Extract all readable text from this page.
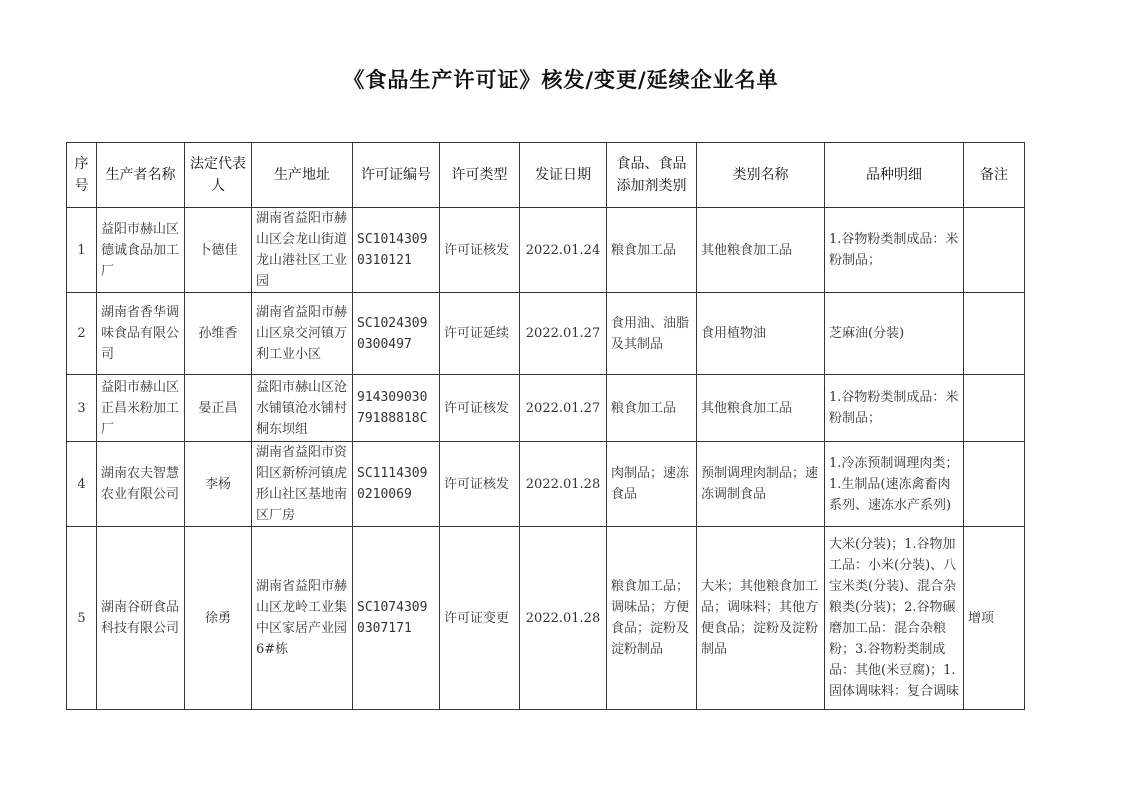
《食品生产许可证》核发/变更/延续企业名单
序号	生产者名称	法定代表人	生产地址	许可证编号	许可类型	发证日期	食品、食品添加剂类别	类别名称	品种明细	备注
1	益阳市赫山区德诚食品加工厂	卜德佳	湖南省益阳市赫山区会龙山街道龙山港社区工业园	SC10143090310121	许可证核发	2022.01.24	粮食加工品	其他粮食加工品	1.谷物粉类制成品：米粉制品；	
2	湖南省香华调味食品有限公司	孙维香	湖南省益阳市赫山区泉交河镇万利工业小区	SC10243090300497	许可证延续	2022.01.27	食用油、油脂及其制品	食用植物油	芝麻油(分装)	
3	益阳市赫山区正昌米粉加工厂	晏正昌	益阳市赫山区沧水铺镇沧水铺村桐东坝组	91430903079188818C	许可证核发	2022.01.27	粮食加工品	其他粮食加工品	1.谷物粉类制成品：米粉制品；	
4	湖南农夫智慧农业有限公司	李杨	湖南省益阳市资阳区新桥河镇虎形山社区基地南区厂房	SC11143090210069	许可证核发	2022.01.28	肉制品；速冻食品	预制调理肉制品；速冻调制食品	1.冷冻预制调理肉类；1.生制品(速冻禽畜肉系列、速冻水产系列)	
5	湖南谷研食品科技有限公司	徐勇	湖南省益阳市赫山区龙岭工业集中区家居产业园 6#栋	SC10743090307171	许可证变更	2022.01.28	粮食加工品；调味品；方便食品；淀粉及淀粉制品	大米；其他粮食加工品；调味料；其他方便食品；淀粉及淀粉制品	大米(分装)；1.谷物加工品：小米(分装)、八宝米类(分装)、混合杂粮类(分装)；2.谷物碾磨加工品：混合杂粮粉；3.谷物粉类制成品：其他(米豆腐)；1.固体调味料：复合调味	增项
